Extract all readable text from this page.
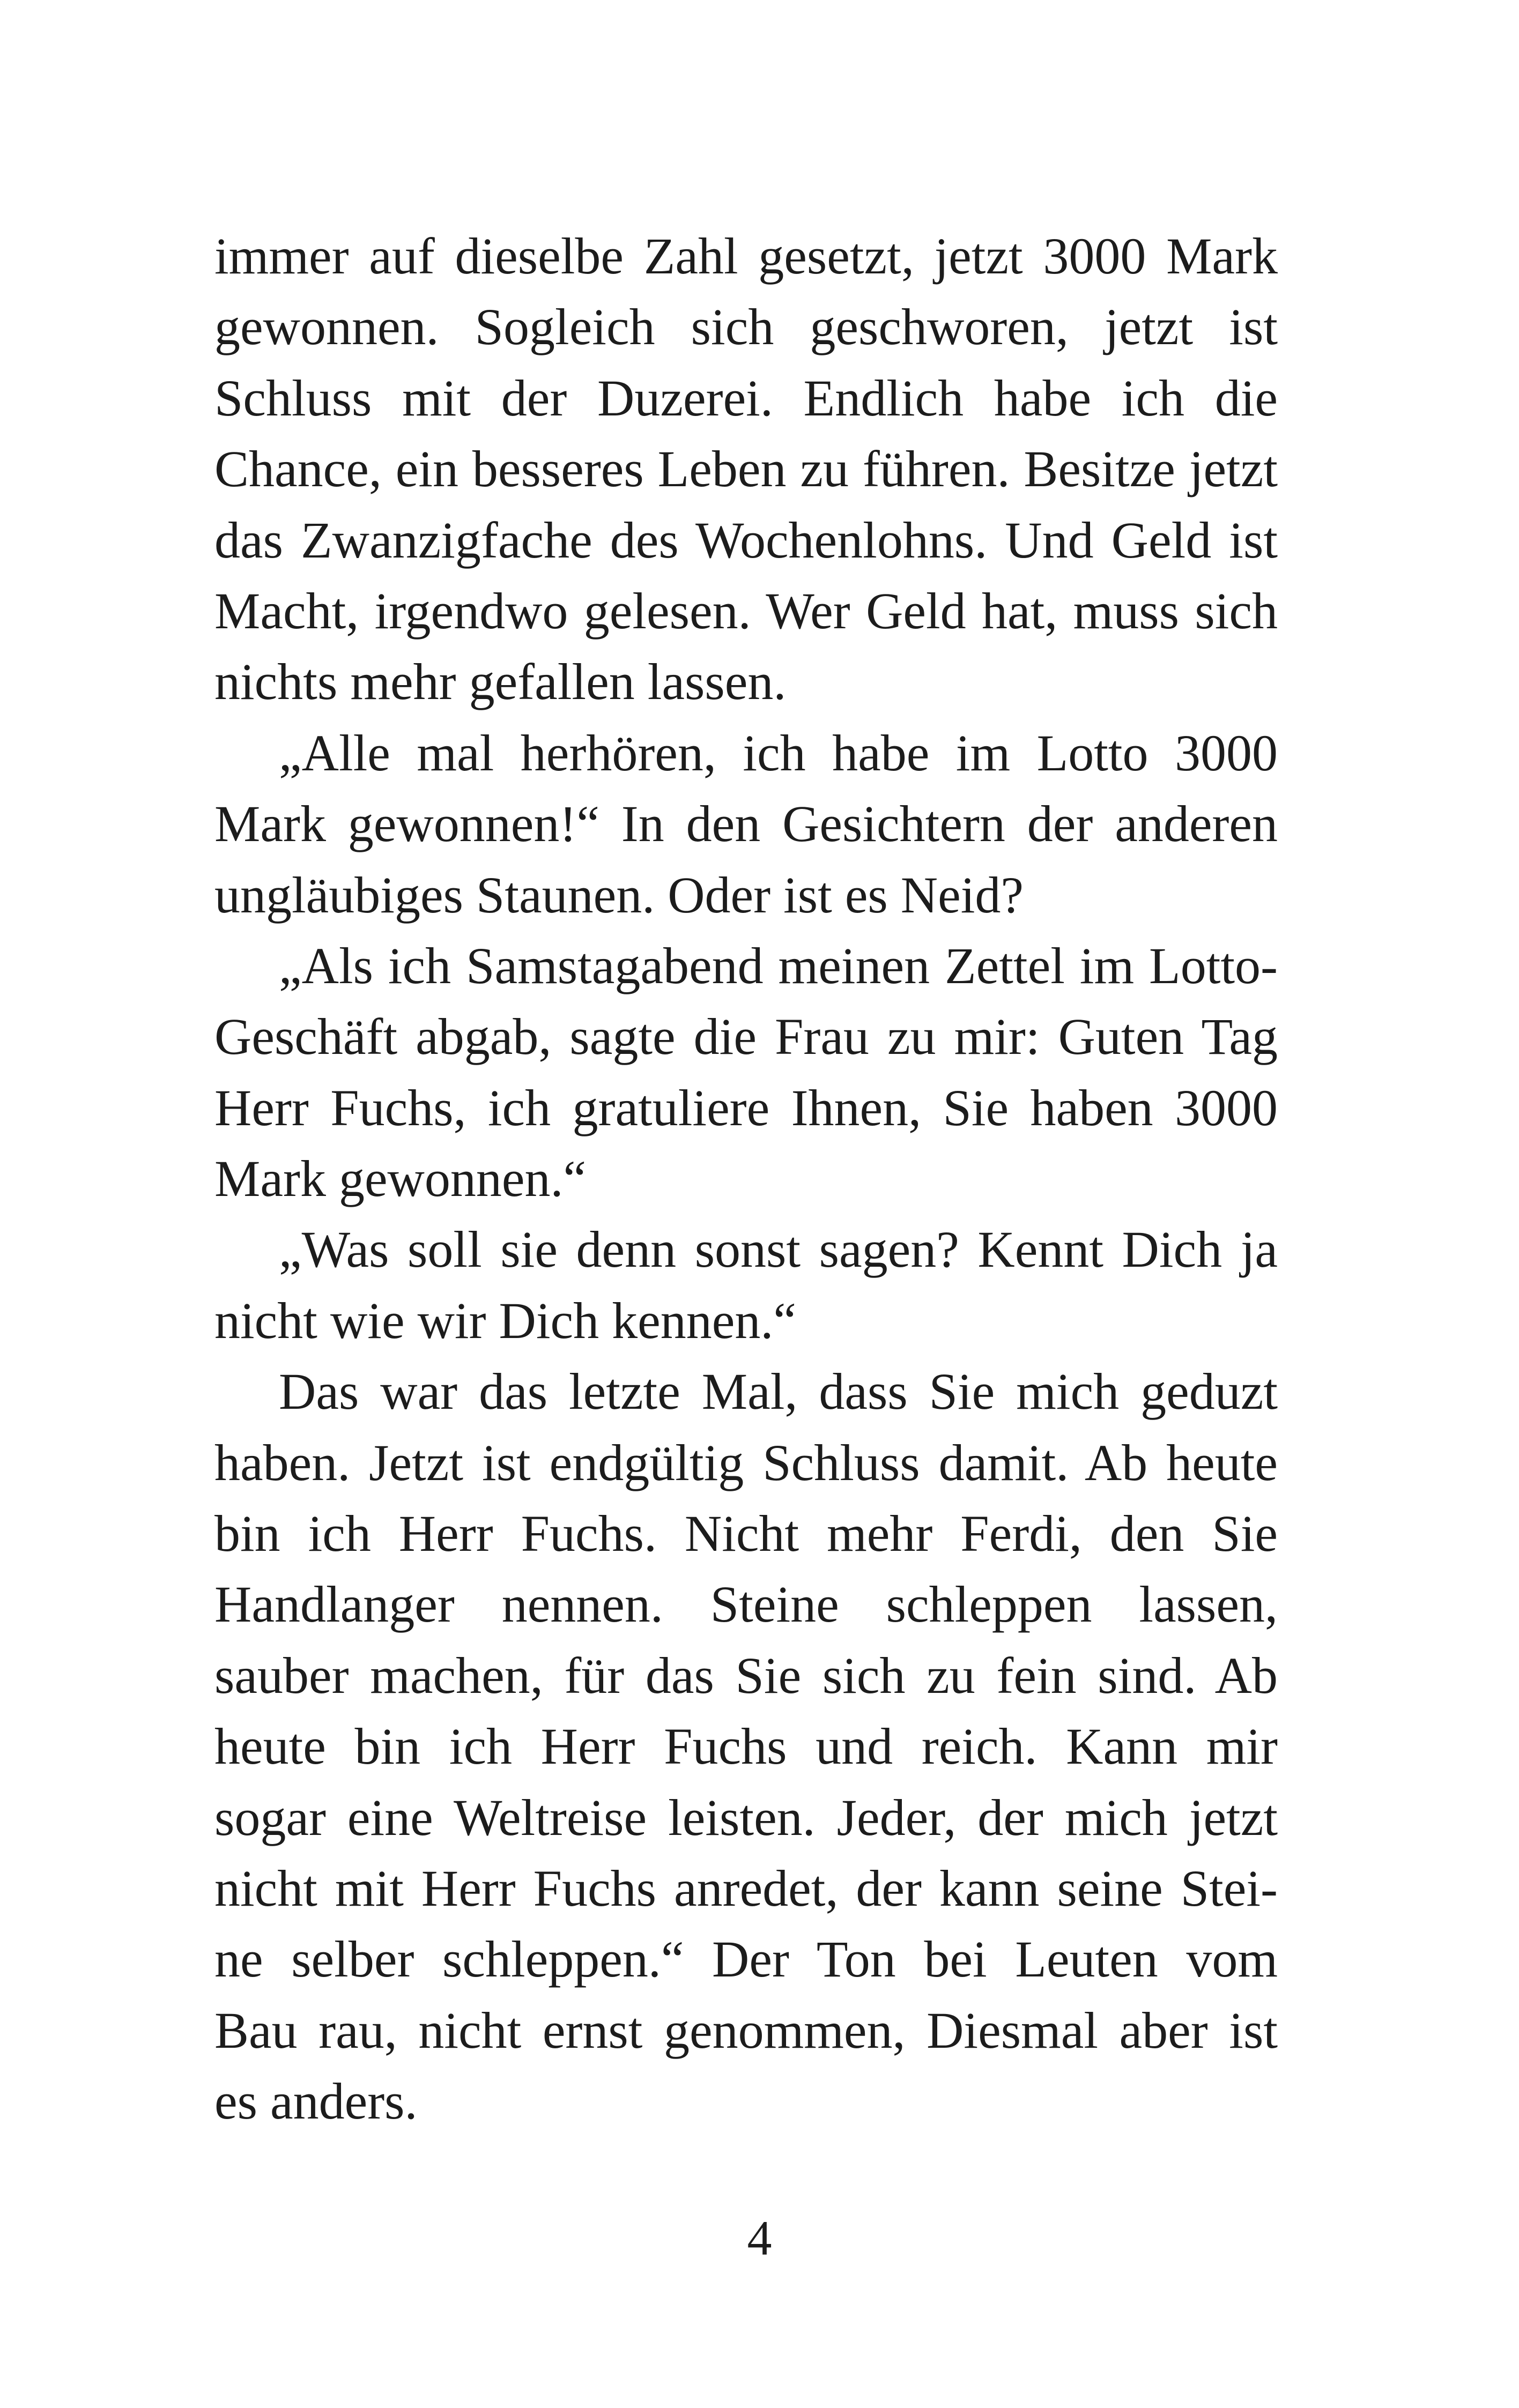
immer auf dieselbe Zahl gesetzt, jetzt 3000 Mark
gewonnen. Sogleich sich geschworen, jetzt ist
Schluss mit der Duzerei. Endlich habe ich die
Chance, ein besseres Leben zu führen. Besitze jetzt
das Zwanzigfache des Wochenlohns. Und Geld ist
Macht, irgendwo gelesen. Wer Geld hat, muss sich
nichts mehr gefallen lassen.
„Alle mal herhören, ich habe im Lotto 3000
Mark gewonnen!“ In den Gesichtern der anderen
ungläubiges Staunen. Oder ist es Neid?
„Als ich Samstagabend meinen Zettel im Lotto-
Geschäft abgab, sagte die Frau zu mir: Guten Tag
Herr Fuchs, ich gratuliere Ihnen, Sie haben 3000
Mark gewonnen.“
„Was soll sie denn sonst sagen? Kennt Dich ja
nicht wie wir Dich kennen.“
Das war das letzte Mal, dass Sie mich geduzt
haben. Jetzt ist endgültig Schluss damit. Ab heute
bin ich Herr Fuchs. Nicht mehr Ferdi, den Sie
Handlanger nennen. Steine schleppen lassen,
sauber machen, für das Sie sich zu fein sind. Ab
heute bin ich Herr Fuchs und reich. Kann mir
sogar eine Weltreise leisten. Jeder, der mich jetzt
nicht mit Herr Fuchs anredet, der kann seine Stei-
ne selber schleppen.“ Der Ton bei Leuten vom
Bau rau, nicht ernst genommen, Diesmal aber ist
es anders.
4
